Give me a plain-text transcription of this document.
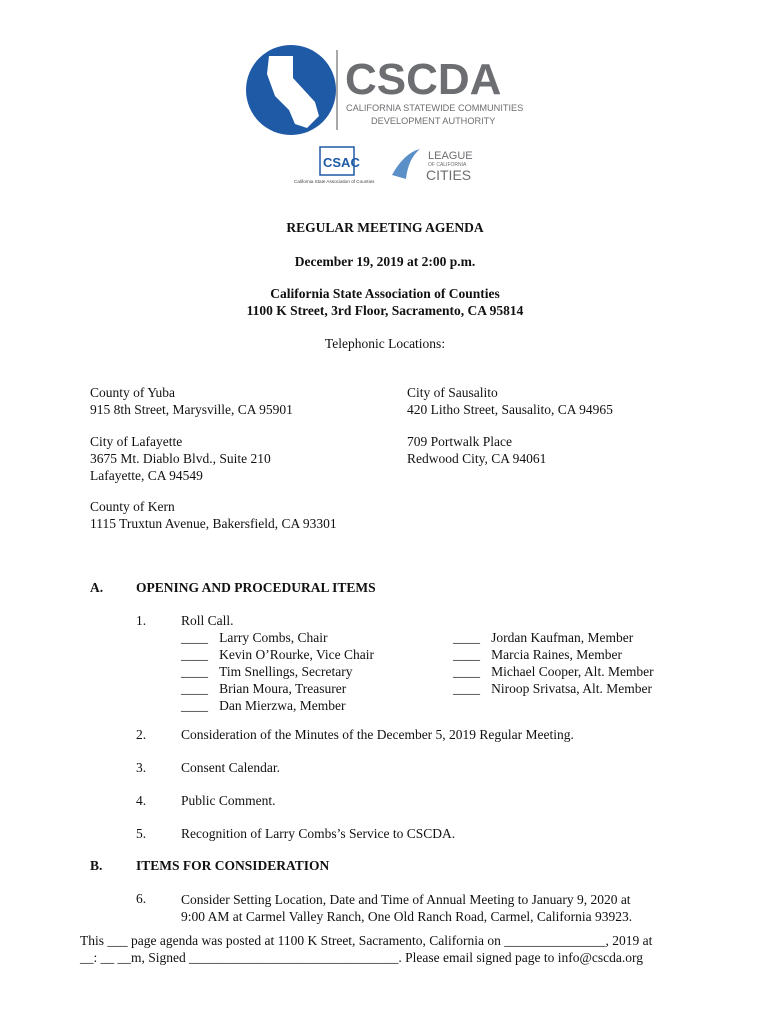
CSCDA
CALIFORNIA STATEWIDE COMMUNITIES
DEVELOPMENT AUTHORITY
CSAC
California State Association of Counties
LEAGUE
OF CALIFORNIA
CITIES
REGULAR MEETING AGENDA
December 19, 2019 at 2:00 p.m.
California State Association of Counties
1100 K Street, 3rd Floor, Sacramento, CA 95814
Telephonic Locations:
County of Yuba
915 8th Street, Marysville, CA 95901
City of Lafayette
3675 Mt. Diablo Blvd., Suite 210
Lafayette, CA 94549
County of Kern
1115 Truxtun Avenue, Bakersfield, CA 93301
City of Sausalito
420 Litho Street, Sausalito, CA 94965
709 Portwalk Place
Redwood City, CA 94061
A. OPENING AND PROCEDURAL ITEMS
1.	Roll Call.
____ Larry Combs, Chair
____ Kevin O’Rourke, Vice Chair
____ Tim Snellings, Secretary
____ Brian Moura, Treasurer
____ Dan Mierzwa, Member
____ Jordan Kaufman, Member
____ Marcia Raines, Member
____ Michael Cooper, Alt. Member
____ Niroop Srivatsa, Alt. Member
2.	Consideration of the Minutes of the December 5, 2019 Regular Meeting.
3.	Consent Calendar.
4.	Public Comment.
5.	Recognition of Larry Combs’s Service to CSCDA.
B. ITEMS FOR CONSIDERATION
6.	Consider Setting Location, Date and Time of Annual Meeting to January 9, 2020 at
9:00 AM at Carmel Valley Ranch, One Old Ranch Road, Carmel, California 93923.
This ___ page agenda was posted at 1100 K Street, Sacramento, California on _______________, 2019 at
__: __ __m, Signed _______________________________. Please email signed page to info@cscda.org
